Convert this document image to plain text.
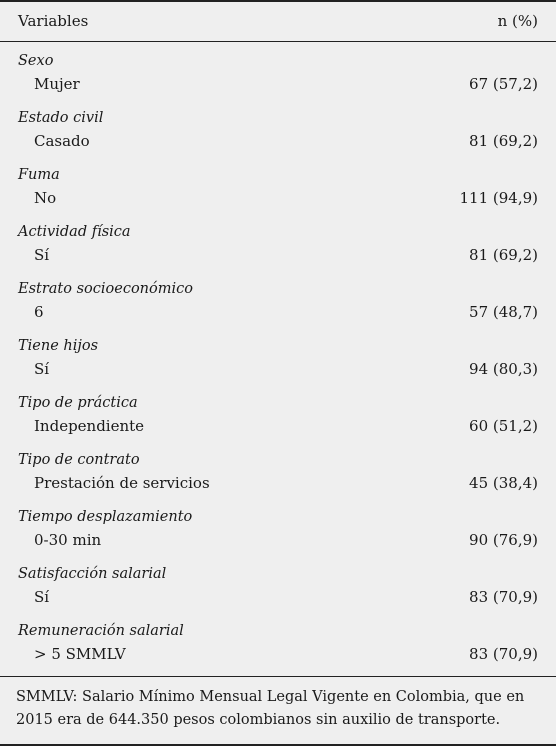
Variables	n (%)
Sexo
Mujer	67 (57,2)
Estado civil
Casado	81 (69,2)
Fuma
No	111 (94,9)
Actividad física
Sí	81 (69,2)
Estrato socioeconómico
6	57 (48,7)
Tiene hijos
Sí	94 (80,3)
Tipo de práctica
Independiente	60 (51,2)
Tipo de contrato
Prestación de servicios	45 (38,4)
Tiempo desplazamiento
0-30 min	90 (76,9)
Satisfacción salarial
Sí	83 (70,9)
Remuneración salarial
> 5 SMMLV	83 (70,9)
SMMLV: Salario Mínimo Mensual Legal Vigente en Colombia, que en 2015 era de 644.350 pesos colombianos sin auxilio de transporte.
